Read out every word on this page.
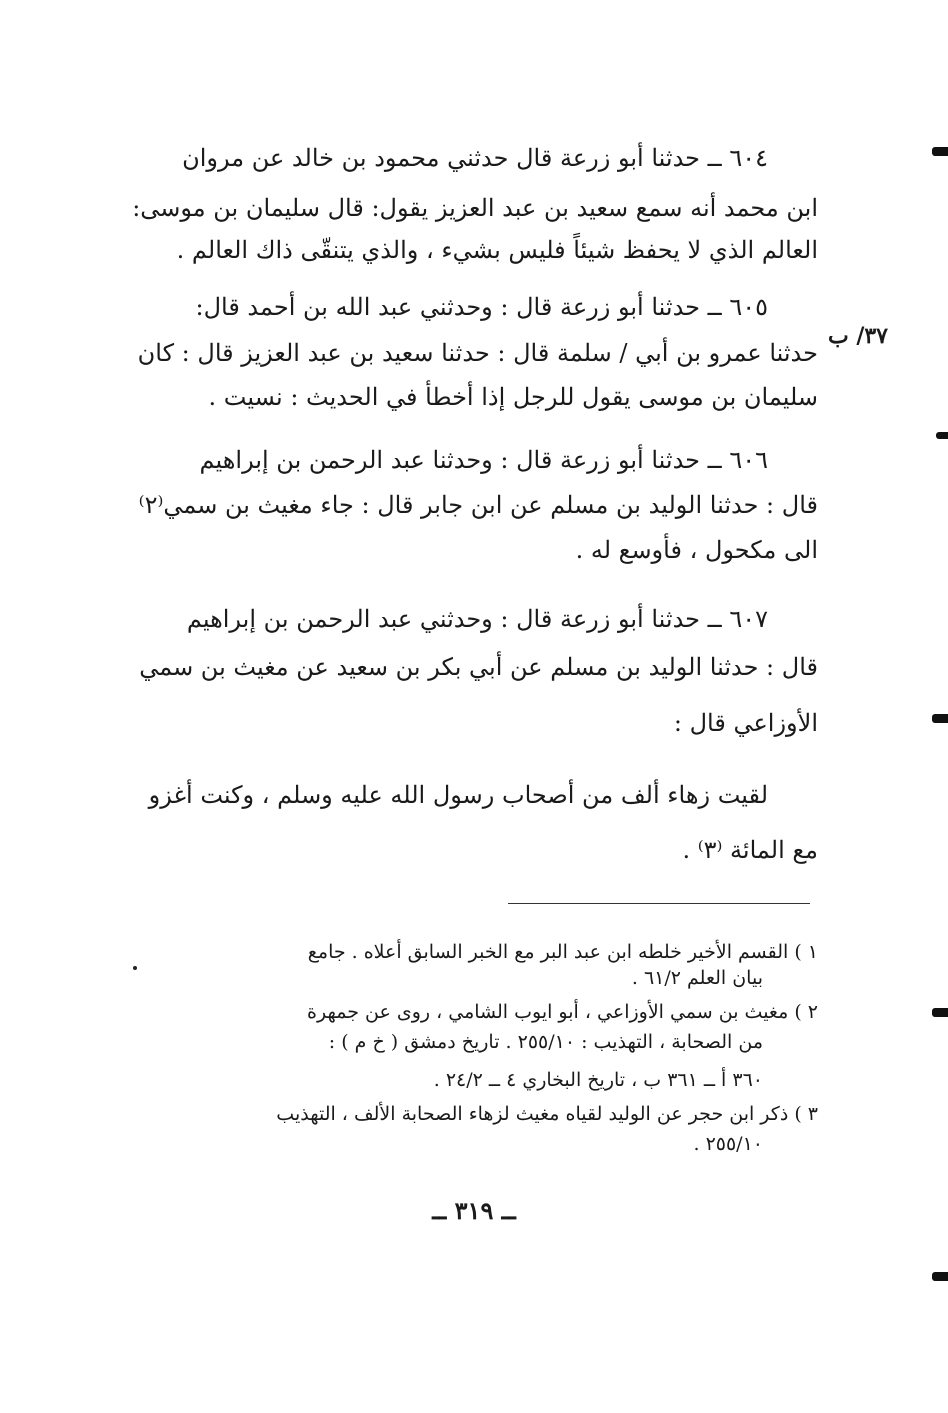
٦٠٤ ــ حدثنا أبو زرعة قال حدثني محمود بن خالد عن مروان
ابن محمد أنه سمع سعيد بن عبد العزيز يقول: قال سليمان بن موسى:
العالم الذي لا يحفظ شيئاً فليس بشيء ، والذي يتنقّى ذاك العالم .
٦٠٥ ــ حدثنا أبو زرعة قال : وحدثني عبد الله بن أحمد قال:
حدثنا عمرو بن أبي / سلمة قال : حدثنا سعيد بن عبد العزيز قال : كان
سليمان بن موسى يقول للرجل إذا أخطأ في الحديث : نسيت .
٣٧/ ب
٦٠٦ ــ حدثنا أبو زرعة قال : وحدثنا عبد الرحمن بن إبراهيم
قال : حدثنا الوليد بن مسلم عن ابن جابر قال : جاء مغيث بن سمي⁽٢⁾
الى مكحول ، فأوسع له .
٦٠٧ ــ حدثنا أبو زرعة قال : وحدثني عبد الرحمن بن إبراهيم
قال : حدثنا الوليد بن مسلم عن أبي بكر بن سعيد عن مغيث بن سمي
الأوزاعي قال :
لقيت زهاء ألف من أصحاب رسول الله عليه وسلم ، وكنت أغزو
مع المائة ⁽٣⁾ .
١ ) القسم الأخير خلطه ابن عبد البر مع الخبر السابق أعلاه . جامع
بيان العلم ٦١/٢ .
٢ ) مغيث بن سمي الأوزاعي ، أبو ايوب الشامي ، روى عن جمهرة
من الصحابة ، التهذيب : ٢٥٥/١٠ . تاريخ دمشق ( خ م ) :
٣٦٠ أ ــ ٣٦١ ب ، تاريخ البخاري ٤ ــ ٢٤/٢ .
٣ ) ذكر ابن حجر عن الوليد لقياه مغيث لزهاء الصحابة الألف ، التهذيب
. ٢٥٥/١٠
ــ ٣١٩ ــ
